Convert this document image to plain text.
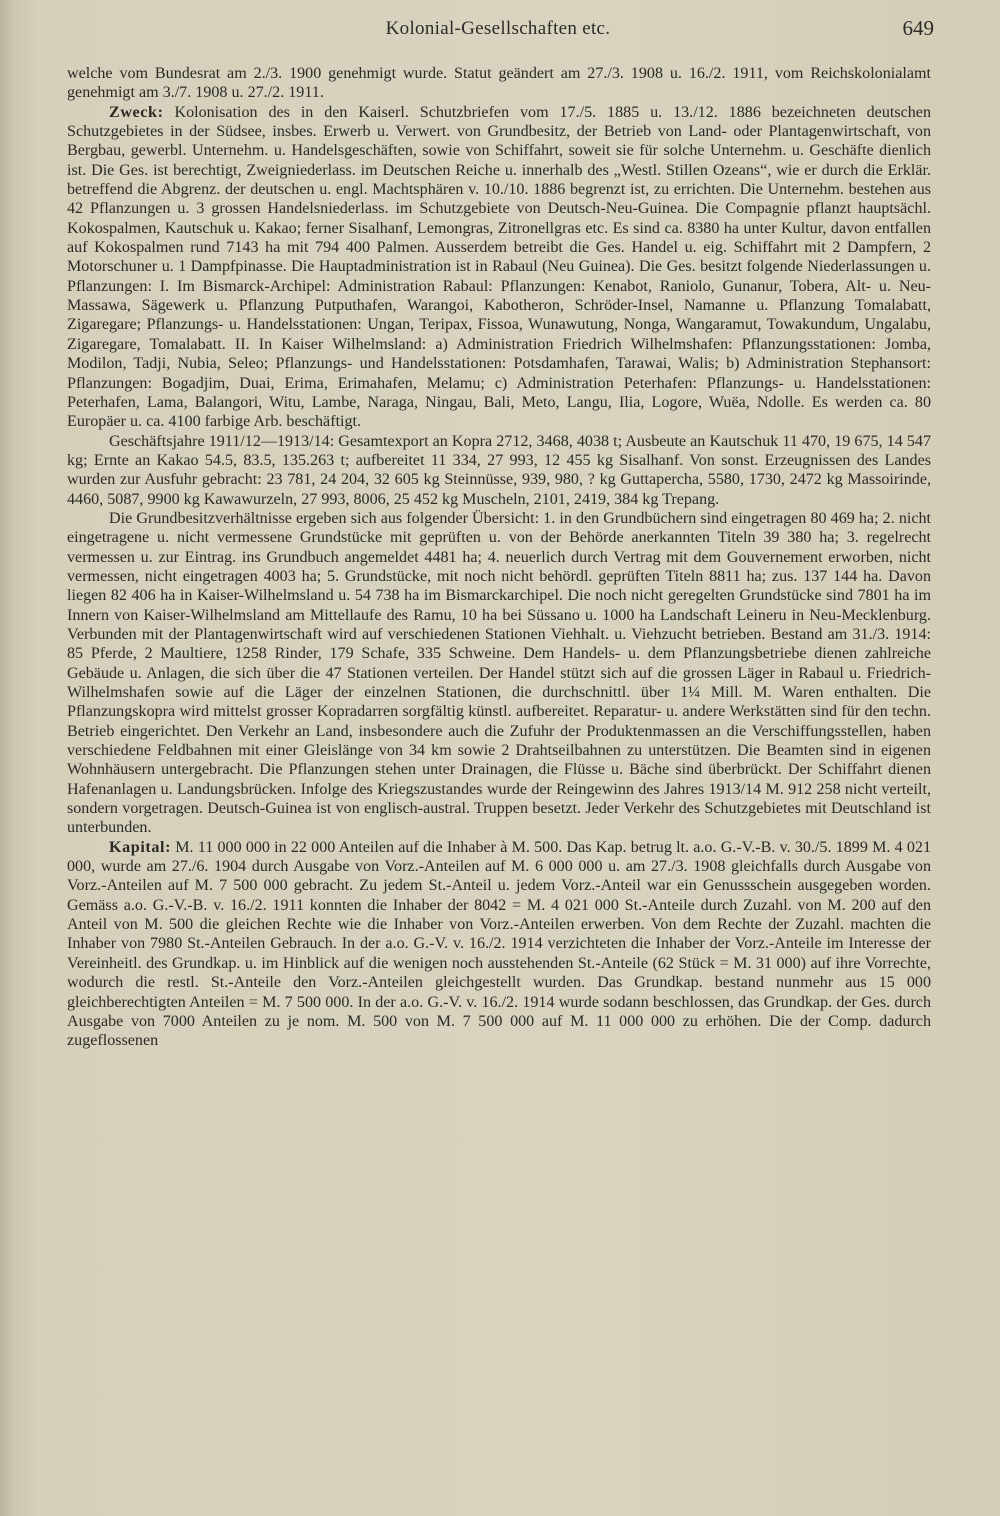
Kolonial-Gesellschaften etc.	649

welche vom Bundesrat am 2./3. 1900 genehmigt wurde. Statut geändert am 27./3. 1908 u. 16./2. 1911, vom Reichskolonialamt genehmigt am 3./7. 1908 u. 27./2. 1911.

Zweck: Kolonisation des in den Kaiserl. Schutzbriefen vom 17./5. 1885 u. 13./12. 1886 bezeichneten deutschen Schutzgebietes in der Südsee, insbes. Erwerb u. Verwert. von Grundbesitz, der Betrieb von Land- oder Plantagenwirtschaft, von Bergbau, gewerbl. Unternehm. u. Handelsgeschäften, sowie von Schiffahrt, soweit sie für solche Unternehm. u. Geschäfte dienlich ist. Die Ges. ist berechtigt, Zweigniederlass. im Deutschen Reiche u. innerhalb des „Westl. Stillen Ozeans“, wie er durch die Erklär. betreffend die Abgrenz. der deutschen u. engl. Machtsphären v. 10./10. 1886 begrenzt ist, zu errichten. Die Unternehm. bestehen aus 42 Pflanzungen u. 3 grossen Handelsniederlass. im Schutzgebiete von Deutsch-Neu-Guinea. Die Compagnie pflanzt hauptsächl. Kokospalmen, Kautschuk u. Kakao; ferner Sisalhanf, Lemongras, Zitronellgras etc. Es sind ca. 8380 ha unter Kultur, davon entfallen auf Kokospalmen rund 7143 ha mit 794 400 Palmen. Ausserdem betreibt die Ges. Handel u. eig. Schiffahrt mit 2 Dampfern, 2 Motorschuner u. 1 Dampfpinasse. Die Hauptadministration ist in Rabaul (Neu Guinea). Die Ges. besitzt folgende Niederlassungen u. Pflanzungen: I. Im Bismarck-Archipel: Administration Rabaul: Pflanzungen: Kenabot, Raniolo, Gunanur, Tobera, Alt- u. Neu-Massawa, Sägewerk u. Pflanzung Putputhafen, Warangoi, Kabotheron, Schröder-Insel, Namanne u. Pflanzung Tomalabatt, Zigaregare; Pflanzungs- u. Handelsstationen: Ungan, Teripax, Fissoa, Wunawutung, Nonga, Wangaramut, Towakundum, Ungalabu, Zigaregare, Tomalabatt. II. In Kaiser Wilhelmsland: a) Administration Friedrich Wilhelmshafen: Pflanzungsstationen: Jomba, Modilon, Tadji, Nubia, Seleo; Pflanzungs- und Handelsstationen: Potsdamhafen, Tarawai, Walis; b) Administration Stephansort: Pflanzungen: Bogadjim, Duai, Erima, Erimahafen, Melamu; c) Administration Peterhafen: Pflanzungs- u. Handelsstationen: Peterhafen, Lama, Balangori, Witu, Lambe, Naraga, Ningau, Bali, Meto, Langu, Ilia, Logore, Wuëa, Ndolle. Es werden ca. 80 Europäer u. ca. 4100 farbige Arb. beschäftigt.

Geschäftsjahre 1911/12—1913/14: Gesamtexport an Kopra 2712, 3468, 4038 t; Ausbeute an Kautschuk 11 470, 19 675, 14 547 kg; Ernte an Kakao 54.5, 83.5, 135.263 t; aufbereitet 11 334, 27 993, 12 455 kg Sisalhanf. Von sonst. Erzeugnissen des Landes wurden zur Ausfuhr gebracht: 23 781, 24 204, 32 605 kg Steinnüsse, 939, 980, ? kg Guttapercha, 5580, 1730, 2472 kg Massoirinde, 4460, 5087, 9900 kg Kawawurzeln, 27 993, 8006, 25 452 kg Muscheln, 2101, 2419, 384 kg Trepang.

Die Grundbesitzverhältnisse ergeben sich aus folgender Übersicht: 1. in den Grundbüchern sind eingetragen 80 469 ha; 2. nicht eingetragene u. nicht vermessene Grundstücke mit geprüften u. von der Behörde anerkannten Titeln 39 380 ha; 3. regelrecht vermessen u. zur Eintrag. ins Grundbuch angemeldet 4481 ha; 4. neuerlich durch Vertrag mit dem Gouvernement erworben, nicht vermessen, nicht eingetragen 4003 ha; 5. Grundstücke, mit noch nicht behördl. geprüften Titeln 8811 ha; zus. 137 144 ha. Davon liegen 82 406 ha in Kaiser-Wilhelmsland u. 54 738 ha im Bismarckarchipel. Die noch nicht geregelten Grundstücke sind 7801 ha im Innern von Kaiser-Wilhelmsland am Mittellaufe des Ramu, 10 ha bei Süssano u. 1000 ha Landschaft Leineru in Neu-Mecklenburg. Verbunden mit der Plantagenwirtschaft wird auf verschiedenen Stationen Viehhalt. u. Viehzucht betrieben. Bestand am 31./3. 1914: 85 Pferde, 2 Maultiere, 1258 Rinder, 179 Schafe, 335 Schweine. Dem Handels- u. dem Pflanzungsbetriebe dienen zahlreiche Gebäude u. Anlagen, die sich über die 47 Stationen verteilen. Der Handel stützt sich auf die grossen Läger in Rabaul u. Friedrich-Wilhelmshafen sowie auf die Läger der einzelnen Stationen, die durchschnittl. über 1¼ Mill. M. Waren enthalten. Die Pflanzungskopra wird mittelst grosser Kopradarren sorgfältig künstl. aufbereitet. Reparatur- u. andere Werkstätten sind für den techn. Betrieb eingerichtet. Den Verkehr an Land, insbesondere auch die Zufuhr der Produktenmassen an die Verschiffungsstellen, haben verschiedene Feldbahnen mit einer Gleislänge von 34 km sowie 2 Drahtseilbahnen zu unterstützen. Die Beamten sind in eigenen Wohnhäusern untergebracht. Die Pflanzungen stehen unter Drainagen, die Flüsse u. Bäche sind überbrückt. Der Schiffahrt dienen Hafenanlagen u. Landungsbrücken. Infolge des Kriegszustandes wurde der Reingewinn des Jahres 1913/14 M. 912 258 nicht verteilt, sondern vorgetragen. Deutsch-Guinea ist von englisch-austral. Truppen besetzt. Jeder Verkehr des Schutzgebietes mit Deutschland ist unterbunden.

Kapital: M. 11 000 000 in 22 000 Anteilen auf die Inhaber à M. 500. Das Kap. betrug lt. a.o. G.-V.-B. v. 30./5. 1899 M. 4 021 000, wurde am 27./6. 1904 durch Ausgabe von Vorz.-Anteilen auf M. 6 000 000 u. am 27./3. 1908 gleichfalls durch Ausgabe von Vorz.-Anteilen auf M. 7 500 000 gebracht. Zu jedem St.-Anteil u. jedem Vorz.-Anteil war ein Genussschein ausgegeben worden. Gemäss a.o. G.-V.-B. v. 16./2. 1911 konnten die Inhaber der 8042 = M. 4 021 000 St.-Anteile durch Zuzahl. von M. 200 auf den Anteil von M. 500 die gleichen Rechte wie die Inhaber von Vorz.-Anteilen erwerben. Von dem Rechte der Zuzahl. machten die Inhaber von 7980 St.-Anteilen Gebrauch. In der a.o. G.-V. v. 16./2. 1914 verzichteten die Inhaber der Vorz.-Anteile im Interesse der Vereinheitl. des Grundkap. u. im Hinblick auf die wenigen noch ausstehenden St.-Anteile (62 Stück = M. 31 000) auf ihre Vorrechte, wodurch die restl. St.-Anteile den Vorz.-Anteilen gleichgestellt wurden. Das Grundkap. bestand nunmehr aus 15 000 gleichberechtigten Anteilen = M. 7 500 000. In der a.o. G.-V. v. 16./2. 1914 wurde sodann beschlossen, das Grundkap. der Ges. durch Ausgabe von 7000 Anteilen zu je nom. M. 500 von M. 7 500 000 auf M. 11 000 000 zu erhöhen. Die der Comp. dadurch zugeflossenen
